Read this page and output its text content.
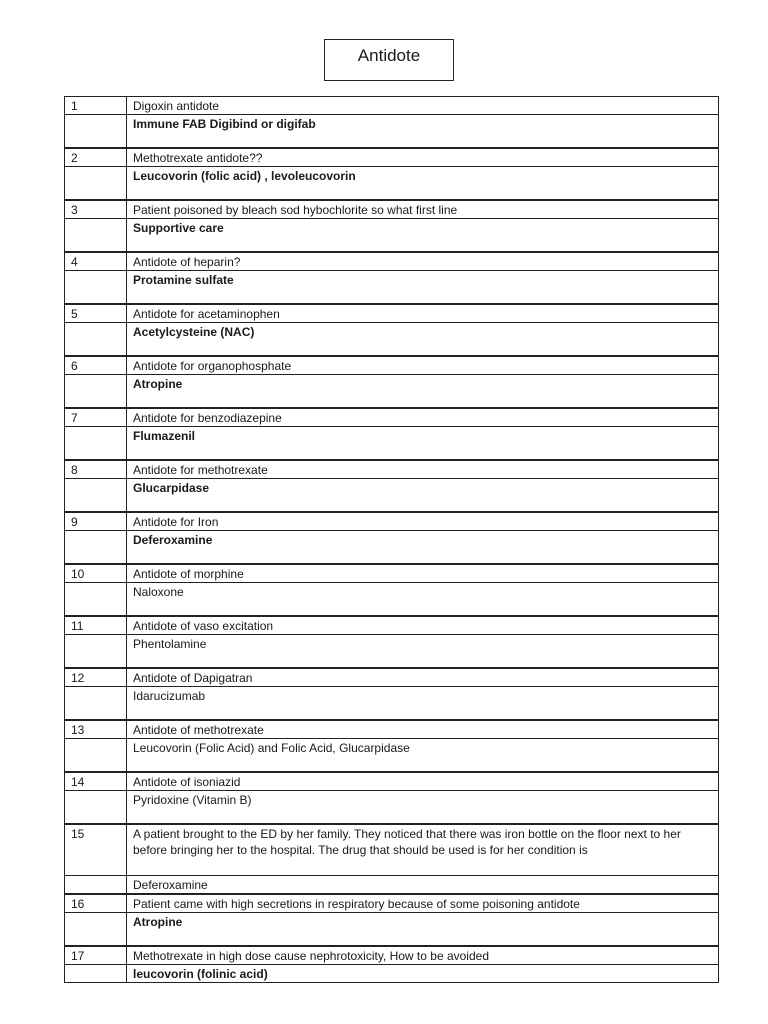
Antidote
1	Digoxin antidote
	Immune FAB Digibind or digifab
2	Methotrexate antidote??
	Leucovorin (folic acid) , levoleucovorin
3	Patient poisoned by bleach sod hybochlorite so what first line
	Supportive care
4	Antidote of heparin?
	Protamine sulfate
5	Antidote for acetaminophen
	Acetylcysteine (NAC)
6	Antidote for organophosphate
	Atropine
7	Antidote for benzodiazepine
	Flumazenil
8	Antidote for methotrexate
	Glucarpidase
9	Antidote for Iron
	Deferoxamine
10	Antidote of morphine
	Naloxone
11	Antidote of vaso excitation
	Phentolamine
12	Antidote of Dapigatran
	Idarucizumab
13	Antidote of methotrexate
	Leucovorin (Folic Acid) and Folic Acid, Glucarpidase
14	Antidote of isoniazid
	Pyridoxine (Vitamin B)
15	A patient brought to the ED by her family. They noticed that there was iron bottle on the floor next to her before bringing her to the hospital. The drug that should be used is for her condition is
	Deferoxamine
16	Patient came with high secretions in respiratory because of some poisoning antidote
	Atropine
17	Methotrexate in high dose cause nephrotoxicity, How to be avoided
	leucovorin (folinic acid)
